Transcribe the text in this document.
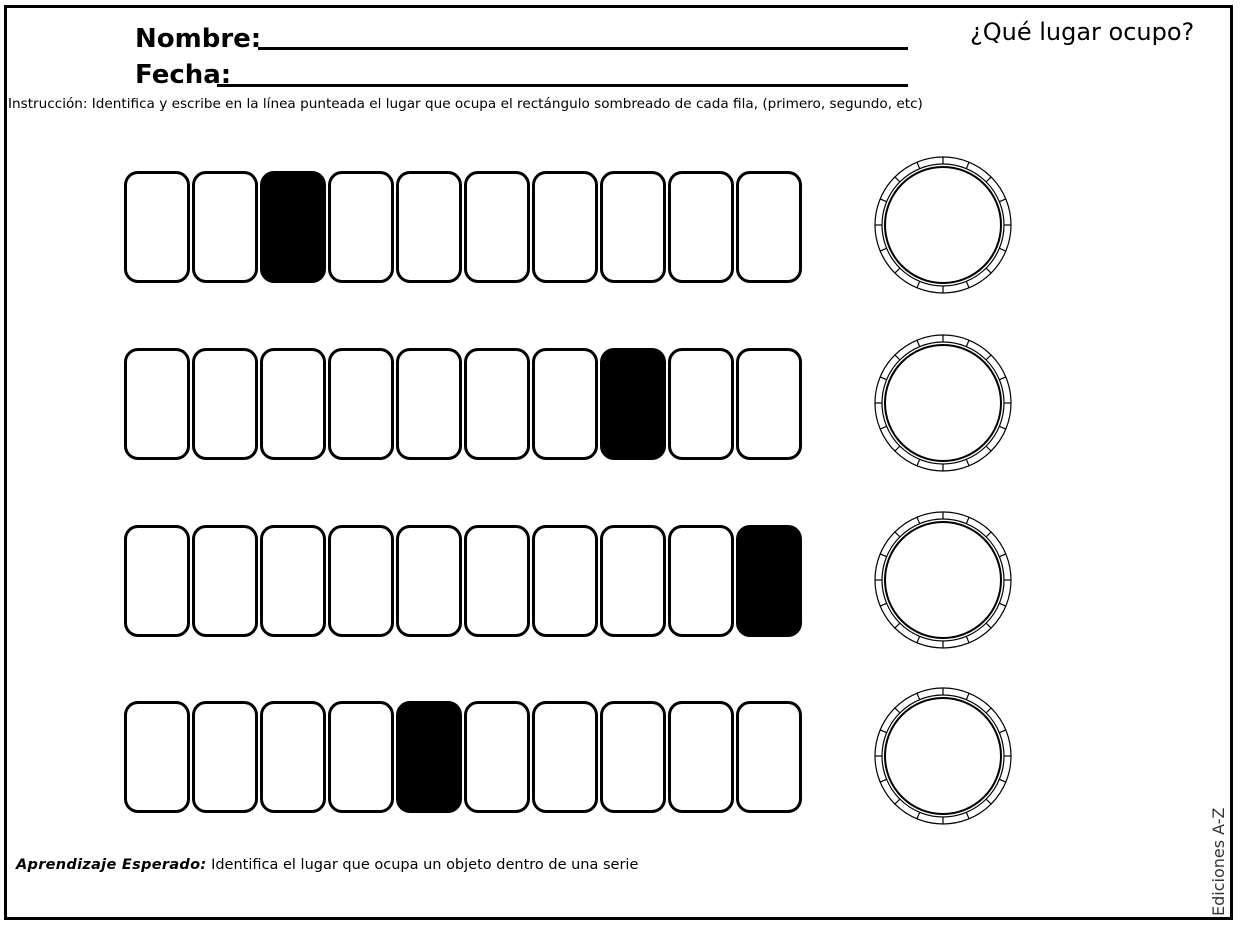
¿Qué lugar ocupo?
Nombre:
Fecha:
Instrucción: Identifica y escribe en la línea punteada el lugar que ocupa el rectángulo sombreado de cada fila, (primero, segundo, etc)
Aprendizaje Esperado: Identifica el lugar que ocupa un objeto dentro de una serie	Ediciones A-Z
